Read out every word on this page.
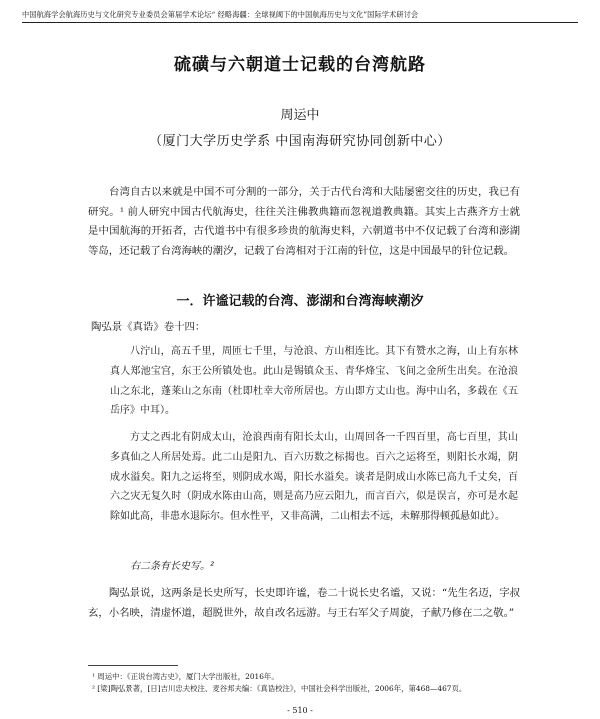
中国航海学会航海历史与文化研究专业委员会第届学术论坛“ 经略海疆：全球视阈下的中国航海历史与文化”国际学术研讨会
硫磺与六朝道士记载的台湾航路
周运中
（厦门大学历史学系 中国南海研究协同创新中心）

台湾自古以来就是中国不可分割的一部分，关于古代台湾和大陆屡密交往的历史，我已有研究。¹ 前人研究中国古代航海史，往往关注佛教典籍而忽视道教典籍。其实上古燕齐方士就是中国航海的开拓者，古代道书中有很多珍贵的航海史料，六朝道书中不仅记载了台湾和澎湖等岛，还记载了台湾海峡的潮汐，记载了台湾相对于江南的针位，这是中国最早的针位记载。

一．许谧记载的台湾、澎湖和台湾海峡潮汐

陶弘景《真诰》卷十四：

八泞山，高五千里，周匝七千里，与沧浪、方山相连比。其下有赞水之海，山上有东林真人郑池宝宫，东王公所镇处也。此山是锡镇众玉、青华烽宝、飞间之金所生出矣。在沧浪山之东北，蓬莱山之东南（杜即杜幸大帝所居也。方山即方丈山也。海中山名，多载在《五岳序》中耳）。

方丈之西北有阴成太山，沧浪西南有阳长太山，山周回各一千四百里，高七百里，其山多真仙之人所居处焉。此二山是阳九、百六历数之标揭也。百六之运将至，则阳长水竭，阴成水溢矣。阳九之运将至，则阴成水竭，阳长水溢矣。谈者是阴成山水陈已高九千丈矣，百六之灾无复久时（阴成水陈由山高，则是高乃应云阳九，而言百六，似是误言，亦可是水起除如此高，非患水退际尔。但水性平，又非高满，二山相去不远，未解那得顿孤悬如此）。

右二条有长史写。²

陶弘景说，这两条是长史所写，长史即许谧，卷二十说长史名谧，又说：“先生名迈，字叔玄，小名映，清虚怀道，超脱世外，故自改名远游。与王右军父子周旋，子献乃修在二之敬。”

¹ 周运中：《正说台湾古史》，厦门大学出版社，2016年。

² [梁]陶弘景著，[日]吉川忠夫校注、麦谷邦夫编：《真诰校注》，中国社会科学出版社，2006年，第468—467页。

- 510 -
